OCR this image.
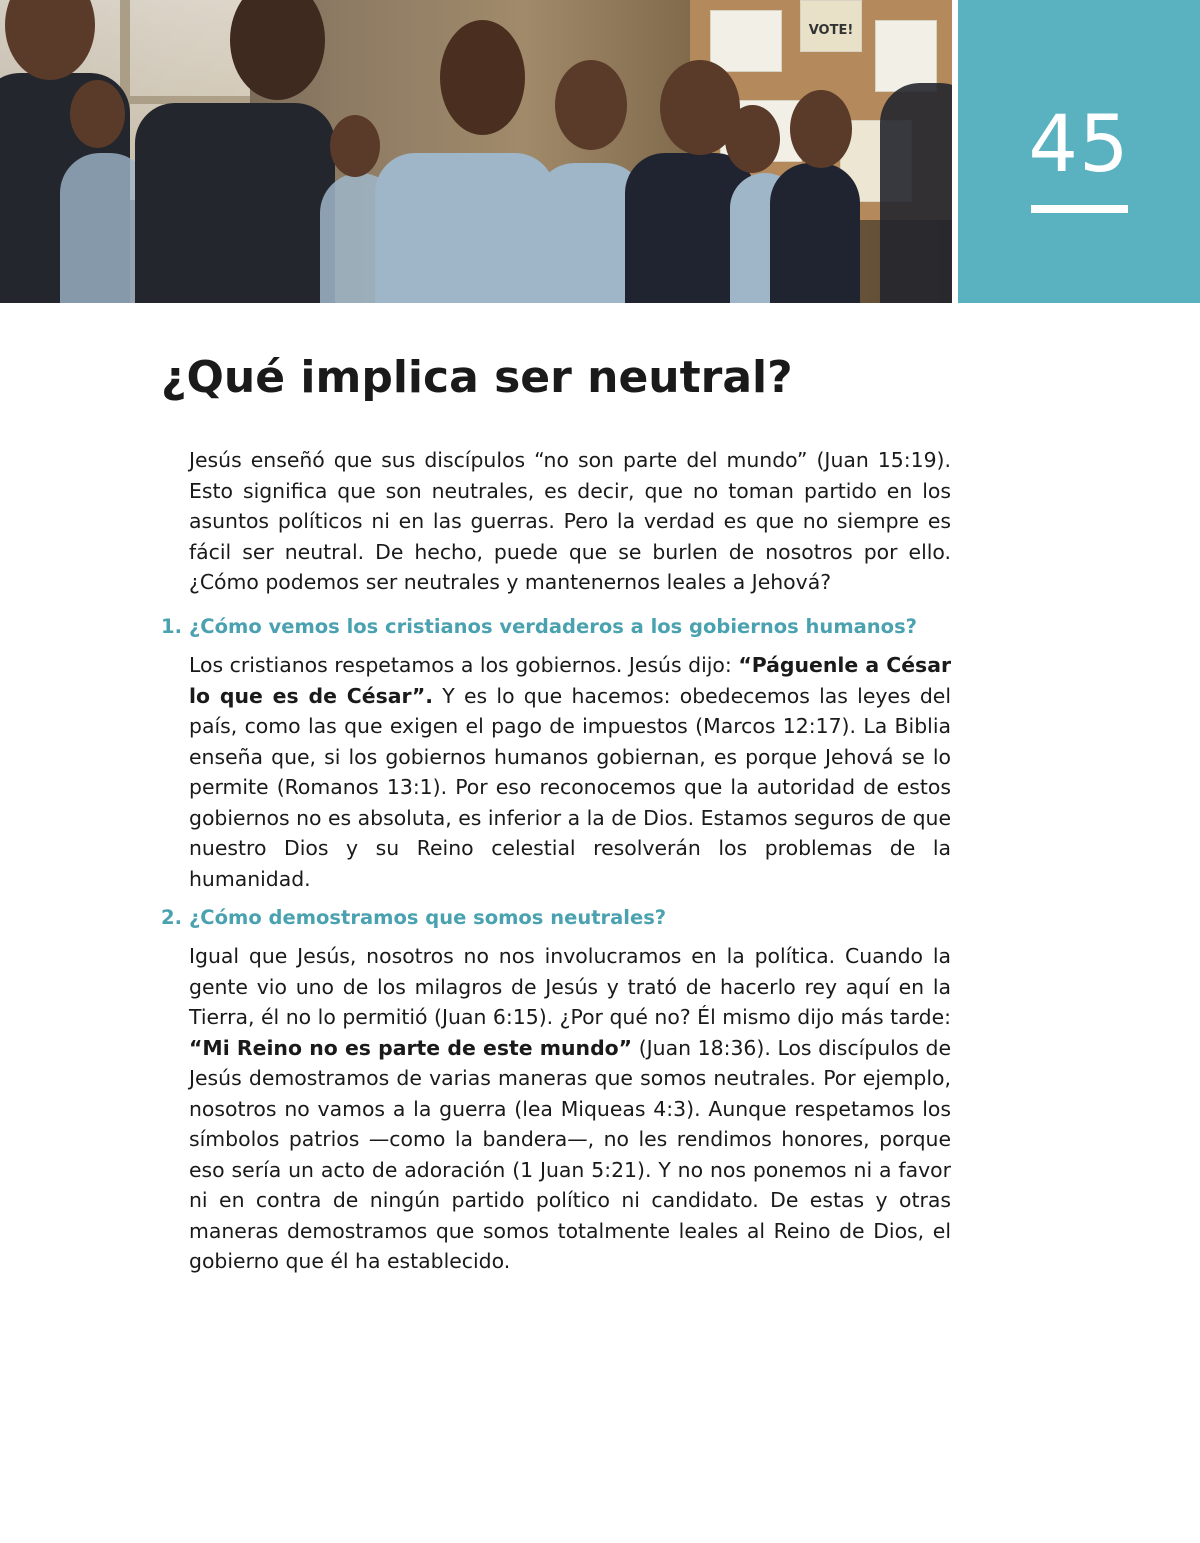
VOTE!
45
¿Qué implica ser neutral?

Jesús enseñó que sus discípulos “no son parte del mundo” (Juan 15:19). Esto significa que son neutrales, es decir, que no toman partido en los asuntos políticos ni en las guerras. Pero la verdad es que no siempre es fácil ser neutral. De hecho, puede que se burlen de nosotros por ello. ¿Cómo podemos ser neutrales y mantenernos leales a Jehová?

1. ¿Cómo vemos los cristianos verdaderos a los gobiernos humanos?

Los cristianos respetamos a los gobiernos. Jesús dijo: “Páguenle a César lo que es de César”. Y es lo que hacemos: obedecemos las leyes del país, como las que exigen el pago de impuestos (Marcos 12:17). La Biblia enseña que, si los gobiernos humanos gobiernan, es porque Jehová se lo permite (Romanos 13:1). Por eso reconocemos que la autoridad de estos gobiernos no es absoluta, es inferior a la de Dios. Estamos seguros de que nuestro Dios y su Reino celestial resolverán los problemas de la humanidad.

2. ¿Cómo demostramos que somos neutrales?

Igual que Jesús, nosotros no nos involucramos en la política. Cuando la gente vio uno de los milagros de Jesús y trató de hacerlo rey aquí en la Tierra, él no lo permitió (Juan 6:15). ¿Por qué no? Él mismo dijo más tarde: “Mi Reino no es parte de este mundo” (Juan 18:36). Los discípulos de Jesús demostramos de varias maneras que somos neutrales. Por ejemplo, nosotros no vamos a la guerra (lea Miqueas 4:3). Aunque respetamos los símbolos patrios —como la bandera—, no les rendimos honores, porque eso sería un acto de adoración (1 Juan 5:21). Y no nos ponemos ni a favor ni en contra de ningún partido político ni candidato. De estas y otras maneras demostramos que somos totalmente leales al Reino de Dios, el gobierno que él ha establecido.
